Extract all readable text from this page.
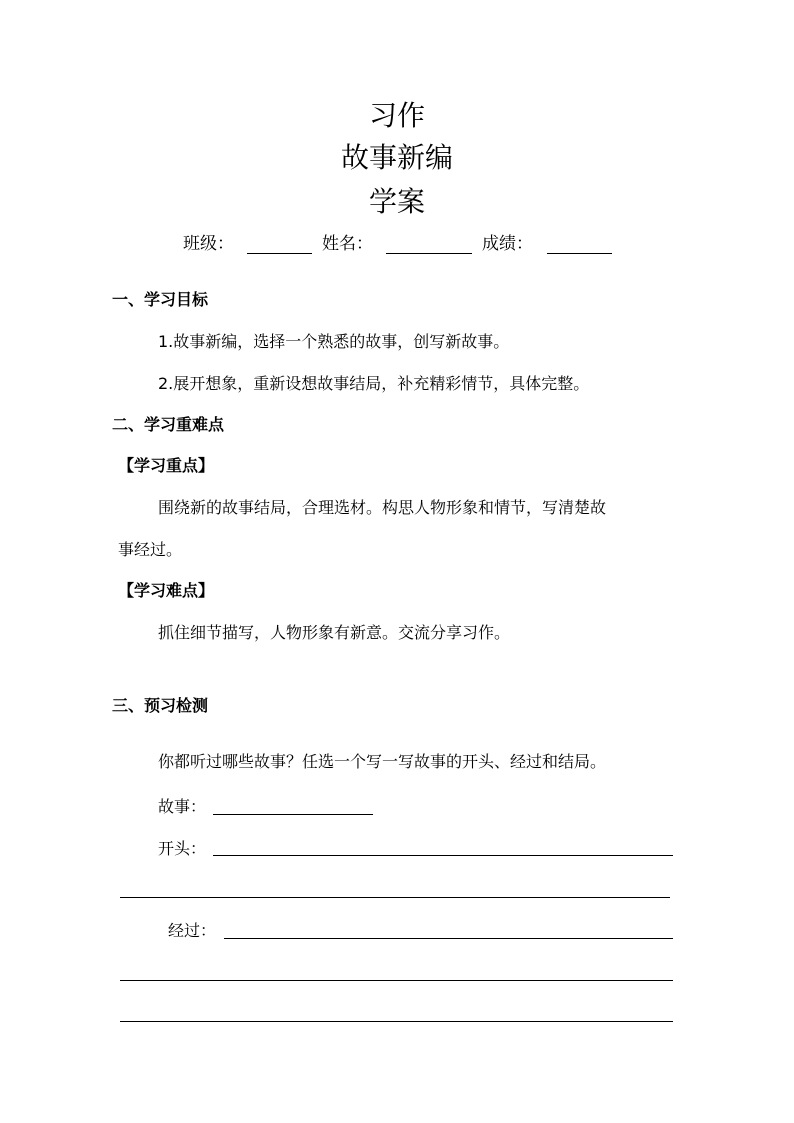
习作
故事新编
学案
班级：	姓名：	成绩：
一、学习目标
1.故事新编，选择一个熟悉的故事，创写新故事。
2.展开想象，重新设想故事结局，补充精彩情节，具体完整。
二、学习重难点
【学习重点】
围绕新的故事结局，合理选材。构思人物形象和情节，写清楚故
事经过。
【学习难点】
抓住细节描写，人物形象有新意。交流分享习作。
三、预习检测
你都听过哪些故事？任选一个写一写故事的开头、经过和结局。
故事：
开头：
经过：
